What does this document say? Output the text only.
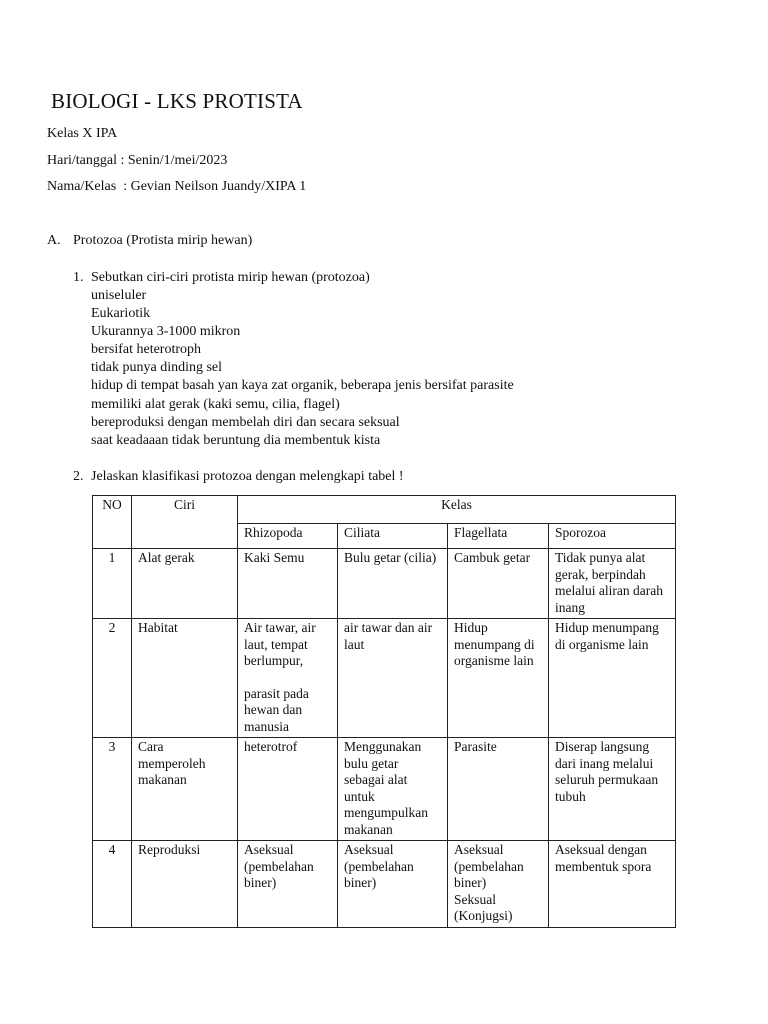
BIOLOGI - LKS PROTISTA
Kelas X IPA
Hari/tanggal : Senin/1/mei/2023
Nama/Kelas  : Gevian Neilson Juandy/XIPA 1
A. Protozoa (Protista mirip hewan)
1. Sebutkan ciri-ciri protista mirip hewan (protozoa)
uniseluler
Eukariotik
Ukurannya 3-1000 mikron
bersifat heterotroph
tidak punya dinding sel
hidup di tempat basah yan kaya zat organik, beberapa jenis bersifat parasite
memiliki alat gerak (kaki semu, cilia, flagel)
bereproduksi dengan membelah diri dan secara seksual
saat keadaaan tidak beruntung dia membentuk kista
2. Jelaskan klasifikasi protozoa dengan melengkapi tabel !
NO	Ciri	Kelas			
		Rhizopoda	Ciliata	Flagellata	Sporozoa
1	Alat gerak	Kaki Semu	Bulu getar (cilia)	Cambuk getar	Tidak punya alat gerak, berpindah melalui aliran darah inang
2	Habitat	Air tawar, air laut, tempat berlumpur,
parasit pada hewan dan manusia	air tawar dan air laut	Hidup menumpang di organisme lain	Hidup menumpang di organisme lain
3	Cara memperoleh makanan	heterotrof	Menggunakan bulu getar sebagai alat untuk mengumpulkan makanan	Parasite	Diserap langsung dari inang melalui seluruh permukaan tubuh
4	Reproduksi	Aseksual (pembelahan biner)	Aseksual (pembelahan biner)	Aseksual (pembelahan biner)
Seksual (Konjugsi)	Aseksual dengan membentuk spora
